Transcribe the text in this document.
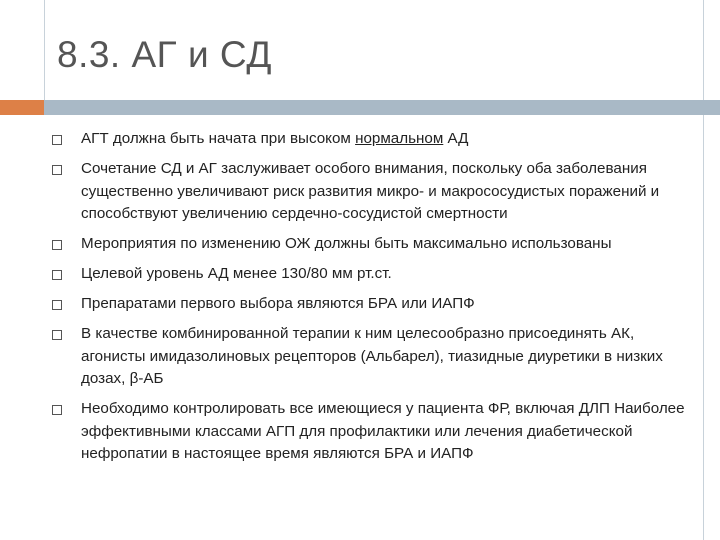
8.3. АГ и СД
АГТ должна быть начата при высоком нормальном АД
Сочетание СД и АГ заслуживает особого внимания, поскольку оба заболевания существенно увеличивают риск развития микро- и макрососудистых поражений и способствуют увеличению сердечно-сосудистой смертности
Мероприятия по изменению ОЖ должны быть максимально использованы
Целевой уровень АД менее 130/80 мм рт.ст.
Препаратами первого выбора являются БРА или ИАПФ
В качестве комбинированной терапии к ним целесообразно присоединять АК, агонисты имидазолиновых рецепторов (Альбарел), тиазидные диуретики в низких дозах, β-АБ
Необходимо контролировать все имеющиеся у пациента ФР, включая ДЛП Наиболее эффективными классами АГП для профилактики или лечения диабетической нефропатии в настоящее время являются БРА и ИАПФ
